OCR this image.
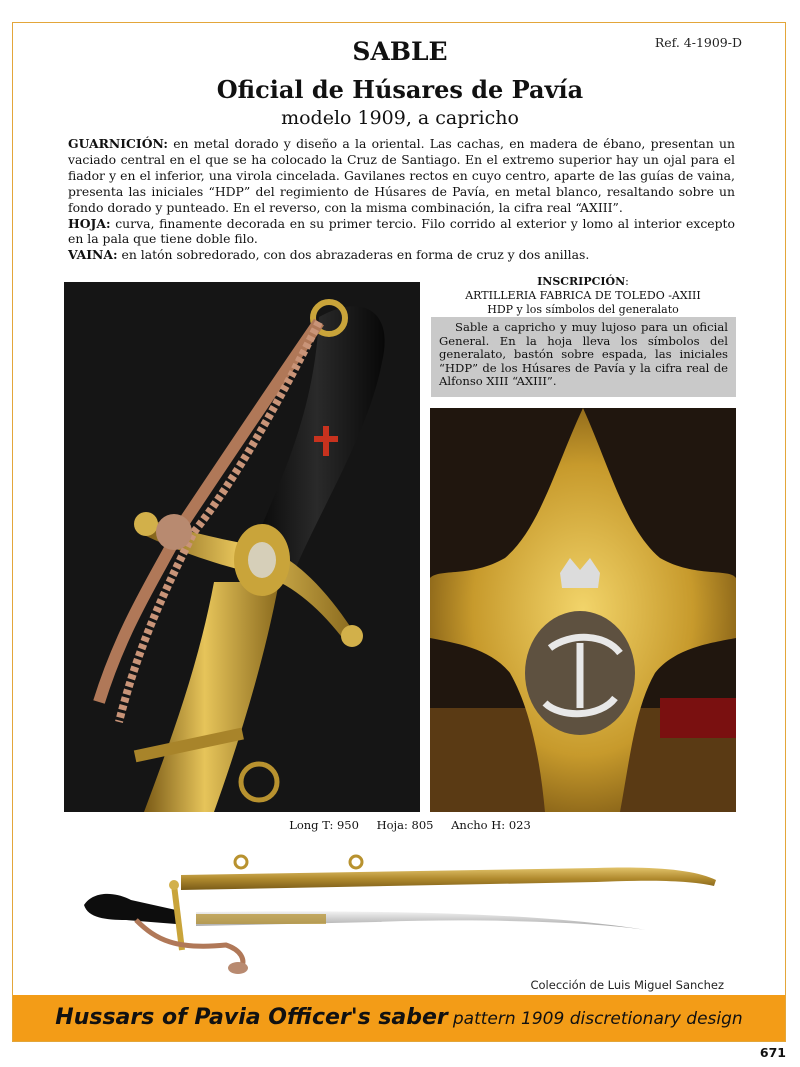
Ref. 4-1909-D
SABLE
Oficial de Húsares de Pavía
modelo 1909, a capricho

GUARNICIÓN: en metal dorado y diseño a la oriental. Las cachas, en madera de ébano, presentan un vaciado central en el que se ha colocado la Cruz de Santiago. En el extremo superior hay un ojal para el fiador y en el inferior, una virola cincelada. Gavilanes rectos en cuyo centro, aparte de las guías de vaina, presenta las iniciales “HDP” del regimiento de Húsares de Pavía, en metal blanco, resaltando sobre un fondo dorado y punteado. En el reverso, con la misma combinación, la cifra real “AXIII”.

HOJA: curva, finamente decorada en su primer tercio. Filo corrido al exterior y lomo al interior excepto en la pala que tiene doble filo.

VAINA: en latón sobredorado, con dos abrazaderas en forma de cruz y dos anillas.

INSCRIPCIÓN:
ARTILLERIA FABRICA DE TOLEDO -AXIII
HDP y los símbolos del generalato
Sable a capricho y muy lujoso para un oficial General. En la hoja lleva los símbolos del generalato, bastón sobre espada, las iniciales “HDP” de los Húsares de Pavía y la cifra real de Alfonso XIII “AXIII”.
Long T: 950 Hoja: 805 Ancho H: 023
Colección de Luis Miguel Sanchez
Hussars of Pavia Officer's saber pattern 1909 discretionary design
671
